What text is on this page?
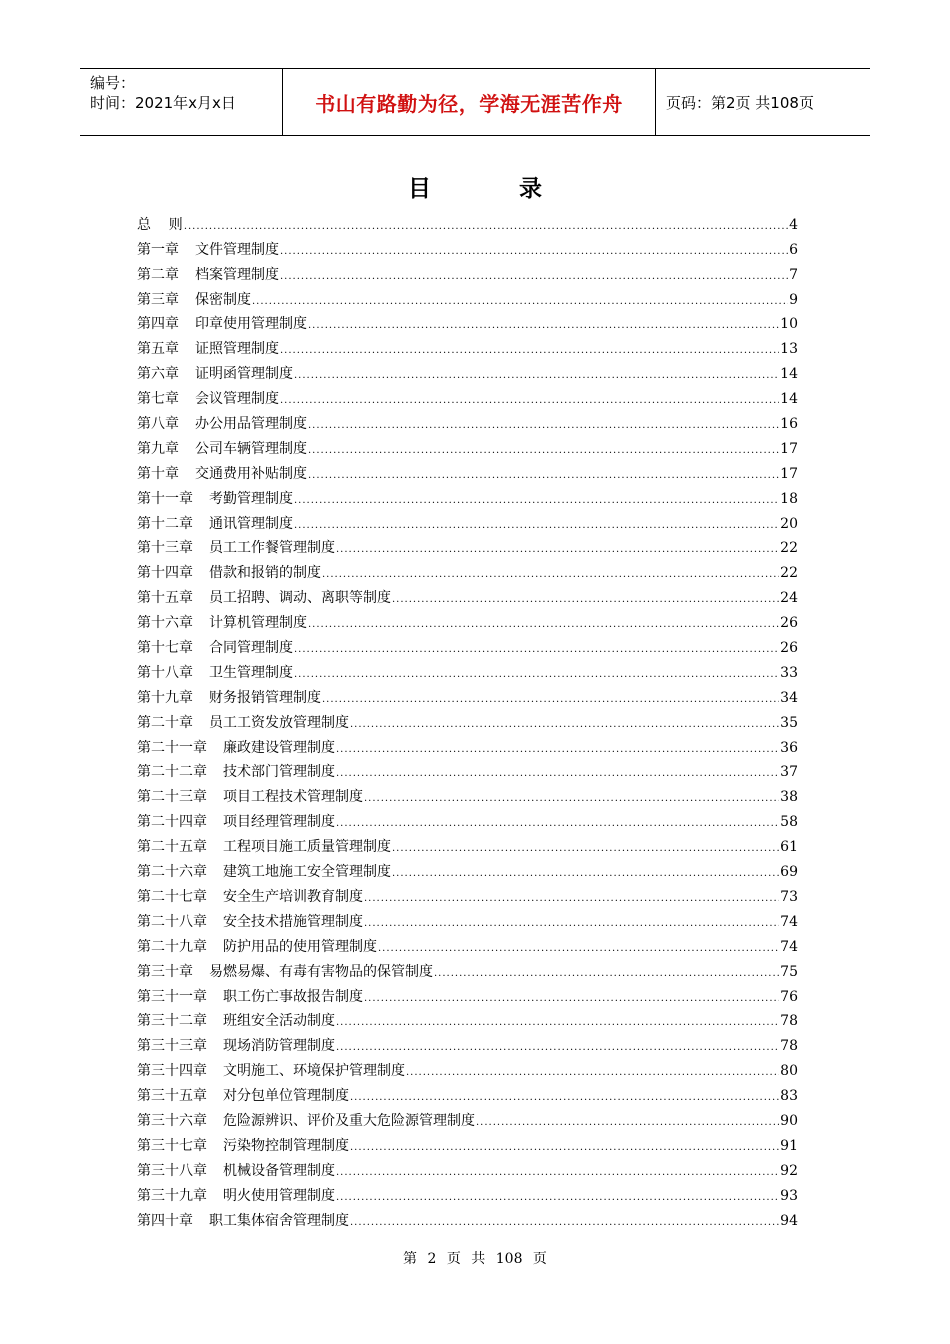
编号：
时间：2021年x月x日	书山有路勤为径，学海无涯苦作舟	页码：第2页 共108页
目录
总    则 .....	4
第一章 文件管理制度 .....	6
第二章 档案管理制度 .....	7
第三章 保密制度 .....	9
第四章 印章使用管理制度 .....	10
第五章 证照管理制度 .....	13
第六章 证明函管理制度 .....	14
第七章 会议管理制度 .....	14
第八章 办公用品管理制度 .....	16
第九章 公司车辆管理制度 .....	17
第十章 交通费用补贴制度 .....	17
第十一章 考勤管理制度 .....	18
第十二章 通讯管理制度 .....	20
第十三章 员工工作餐管理制度 .....	22
第十四章 借款和报销的制度 .....	22
第十五章 员工招聘、调动、离职等制度 .....	24
第十六章 计算机管理制度 .....	26
第十七章 合同管理制度 .....	26
第十八章 卫生管理制度 .....	33
第十九章 财务报销管理制度 .....	34
第二十章 员工工资发放管理制度 .....	35
第二十一章 廉政建设管理制度 .....	36
第二十二章 技术部门管理制度 .....	37
第二十三章 项目工程技术管理制度 .....	38
第二十四章 项目经理管理制度 .....	58
第二十五章 工程项目施工质量管理制度 .....	61
第二十六章 建筑工地施工安全管理制度 .....	69
第二十七章 安全生产培训教育制度 .....	73
第二十八章 安全技术措施管理制度 .....	74
第二十九章 防护用品的使用管理制度 .....	74
第三十章 易燃易爆、有毒有害物品的保管制度 .....	75
第三十一章 职工伤亡事故报告制度 .....	76
第三十二章 班组安全活动制度 .....	78
第三十三章 现场消防管理制度 .....	78
第三十四章 文明施工、环境保护管理制度 .....	80
第三十五章 对分包单位管理制度 .....	83
第三十六章 危险源辨识、评价及重大危险源管理制度 .....	90
第三十七章 污染物控制管理制度 .....	91
第三十八章 机械设备管理制度 .....	92
第三十九章 明火使用管理制度 .....	93
第四十章 职工集体宿舍管理制度 .....	94
第 2 页 共 108 页
